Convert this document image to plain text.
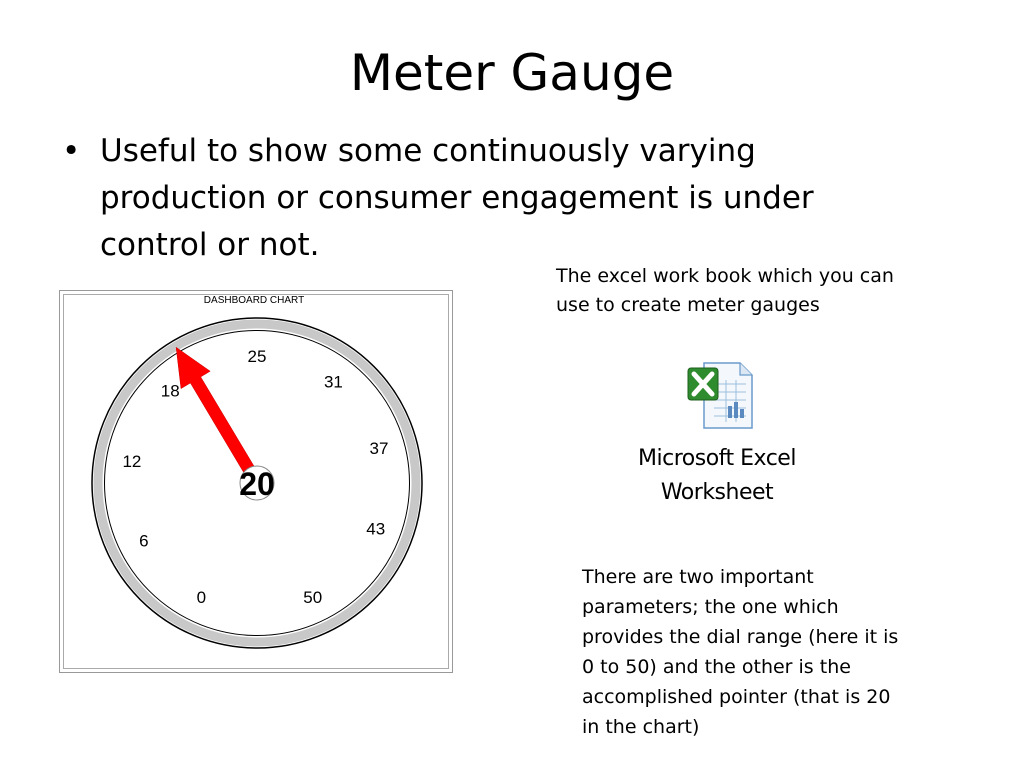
Meter Gauge
• Useful to show some continuously varying production or consumer engagement is under control or not.
The excel work book which you can use to create meter gauges
DASHBOARD CHART
0
6
12
18
25
31
37
43
50
20
Microsoft Excel
Worksheet
There are two important parameters; the one which provides the dial range (here it is 0 to 50) and the other is the accomplished pointer (that is 20 in the chart)
